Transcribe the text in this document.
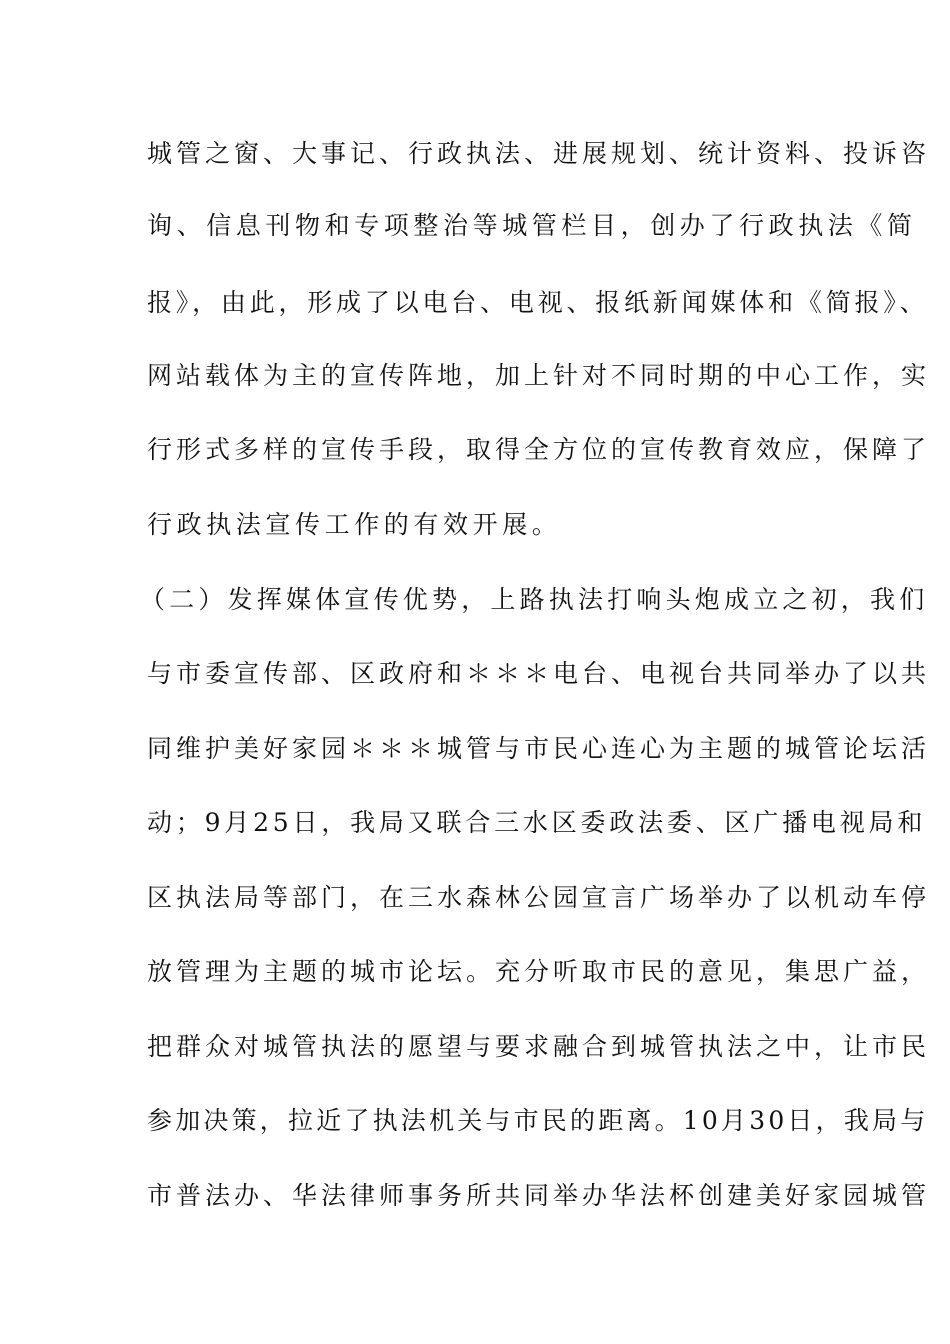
城管之窗、大事记、行政执法、进展规划、统计资料、投诉咨
询、信息刊物和专项整治等城管栏目，创办了行政执法《简
报》，由此，形成了以电台、电视、报纸新闻媒体和《简报》、
网站载体为主的宣传阵地，加上针对不同时期的中心工作，实
行形式多样的宣传手段，取得全方位的宣传教育效应，保障了
行政执法宣传工作的有效开展。
（二）发挥媒体宣传优势，上路执法打响头炮成立之初，我们
与市委宣传部、区政府和＊＊＊电台、电视台共同举办了以共
同维护美好家园＊＊＊城管与市民心连心为主题的城管论坛活
动；9月25日，我局又联合三水区委政法委、区广播电视局和
区执法局等部门，在三水森林公园宣言广场举办了以机动车停
放管理为主题的城市论坛。充分听取市民的意见，集思广益，
把群众对城管执法的愿望与要求融合到城管执法之中，让市民
参加决策，拉近了执法机关与市民的距离。10月30日，我局与
市普法办、华法律师事务所共同举办华法杯创建美好家园城管
